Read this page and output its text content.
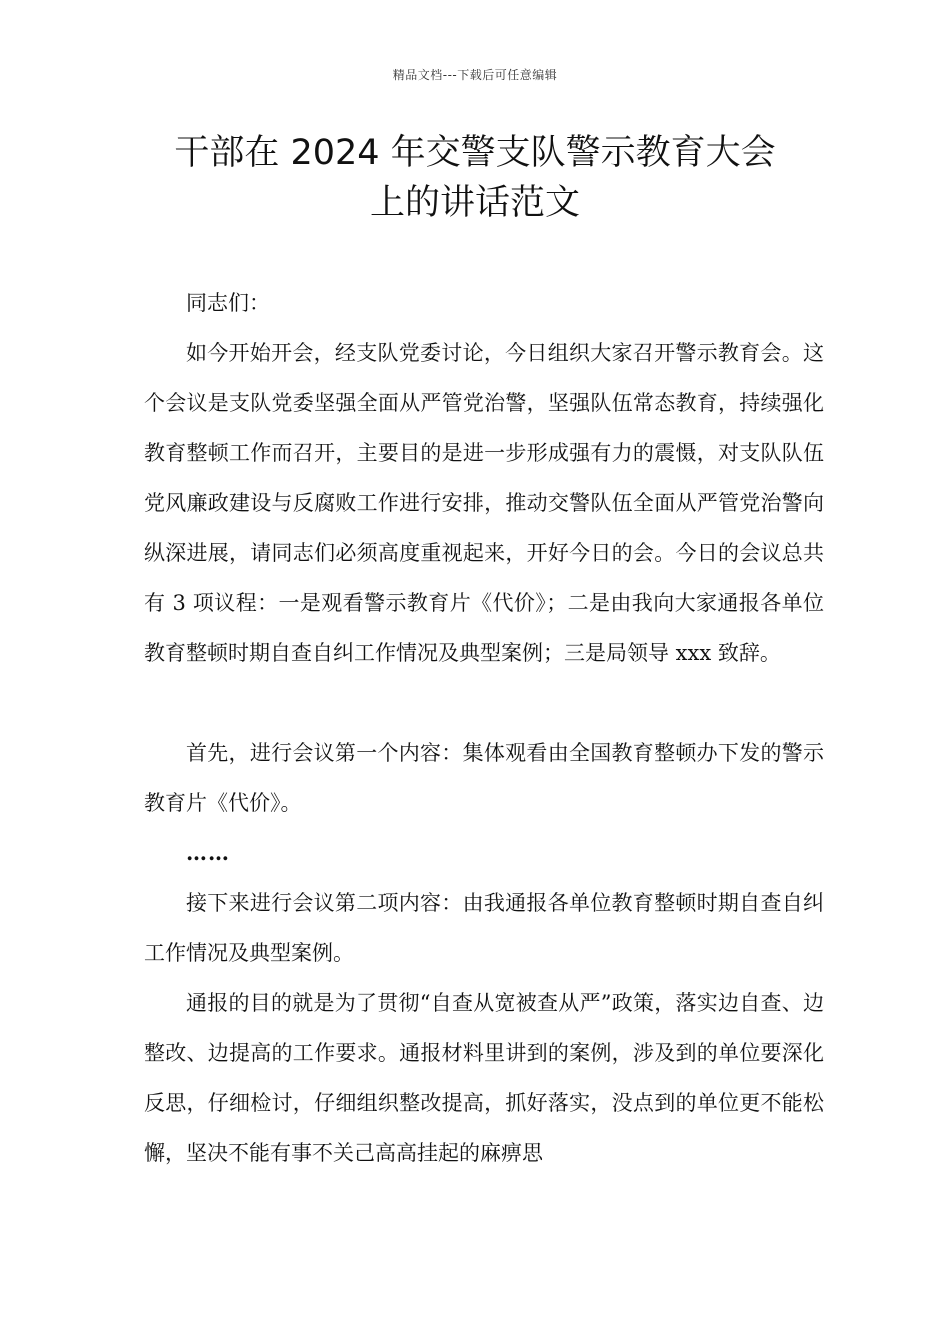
精品文档---下载后可任意编辑
干部在 2024 年交警支队警示教育大会
上的讲话范文

同志们：

如今开始开会，经支队党委讨论，今日组织大家召开警示教育会。这个会议是支队党委坚强全面从严管党治警，坚强队伍常态教育，持续强化教育整顿工作而召开，主要目的是进一步形成强有力的震慑，对支队队伍党风廉政建设与反腐败工作进行安排，推动交警队伍全面从严管党治警向纵深进展，请同志们必须高度重视起来，开好今日的会。今日的会议总共有 3 项议程：一是观看警示教育片《代价》；二是由我向大家通报各单位教育整顿时期自查自纠工作情况及典型案例；三是局领导 xxx 致辞。

首先，进行会议第一个内容：集体观看由全国教育整顿办下发的警示教育片《代价》。

……

接下来进行会议第二项内容：由我通报各单位教育整顿时期自查自纠工作情况及典型案例。

通报的目的就是为了贯彻“自查从宽被查从严”政策，落实边自查、边整改、边提高的工作要求。通报材料里讲到的案例，涉及到的单位要深化反思，仔细检讨，仔细组织整改提高，抓好落实，没点到的单位更不能松懈，坚决不能有事不关己高高挂起的麻痹思
